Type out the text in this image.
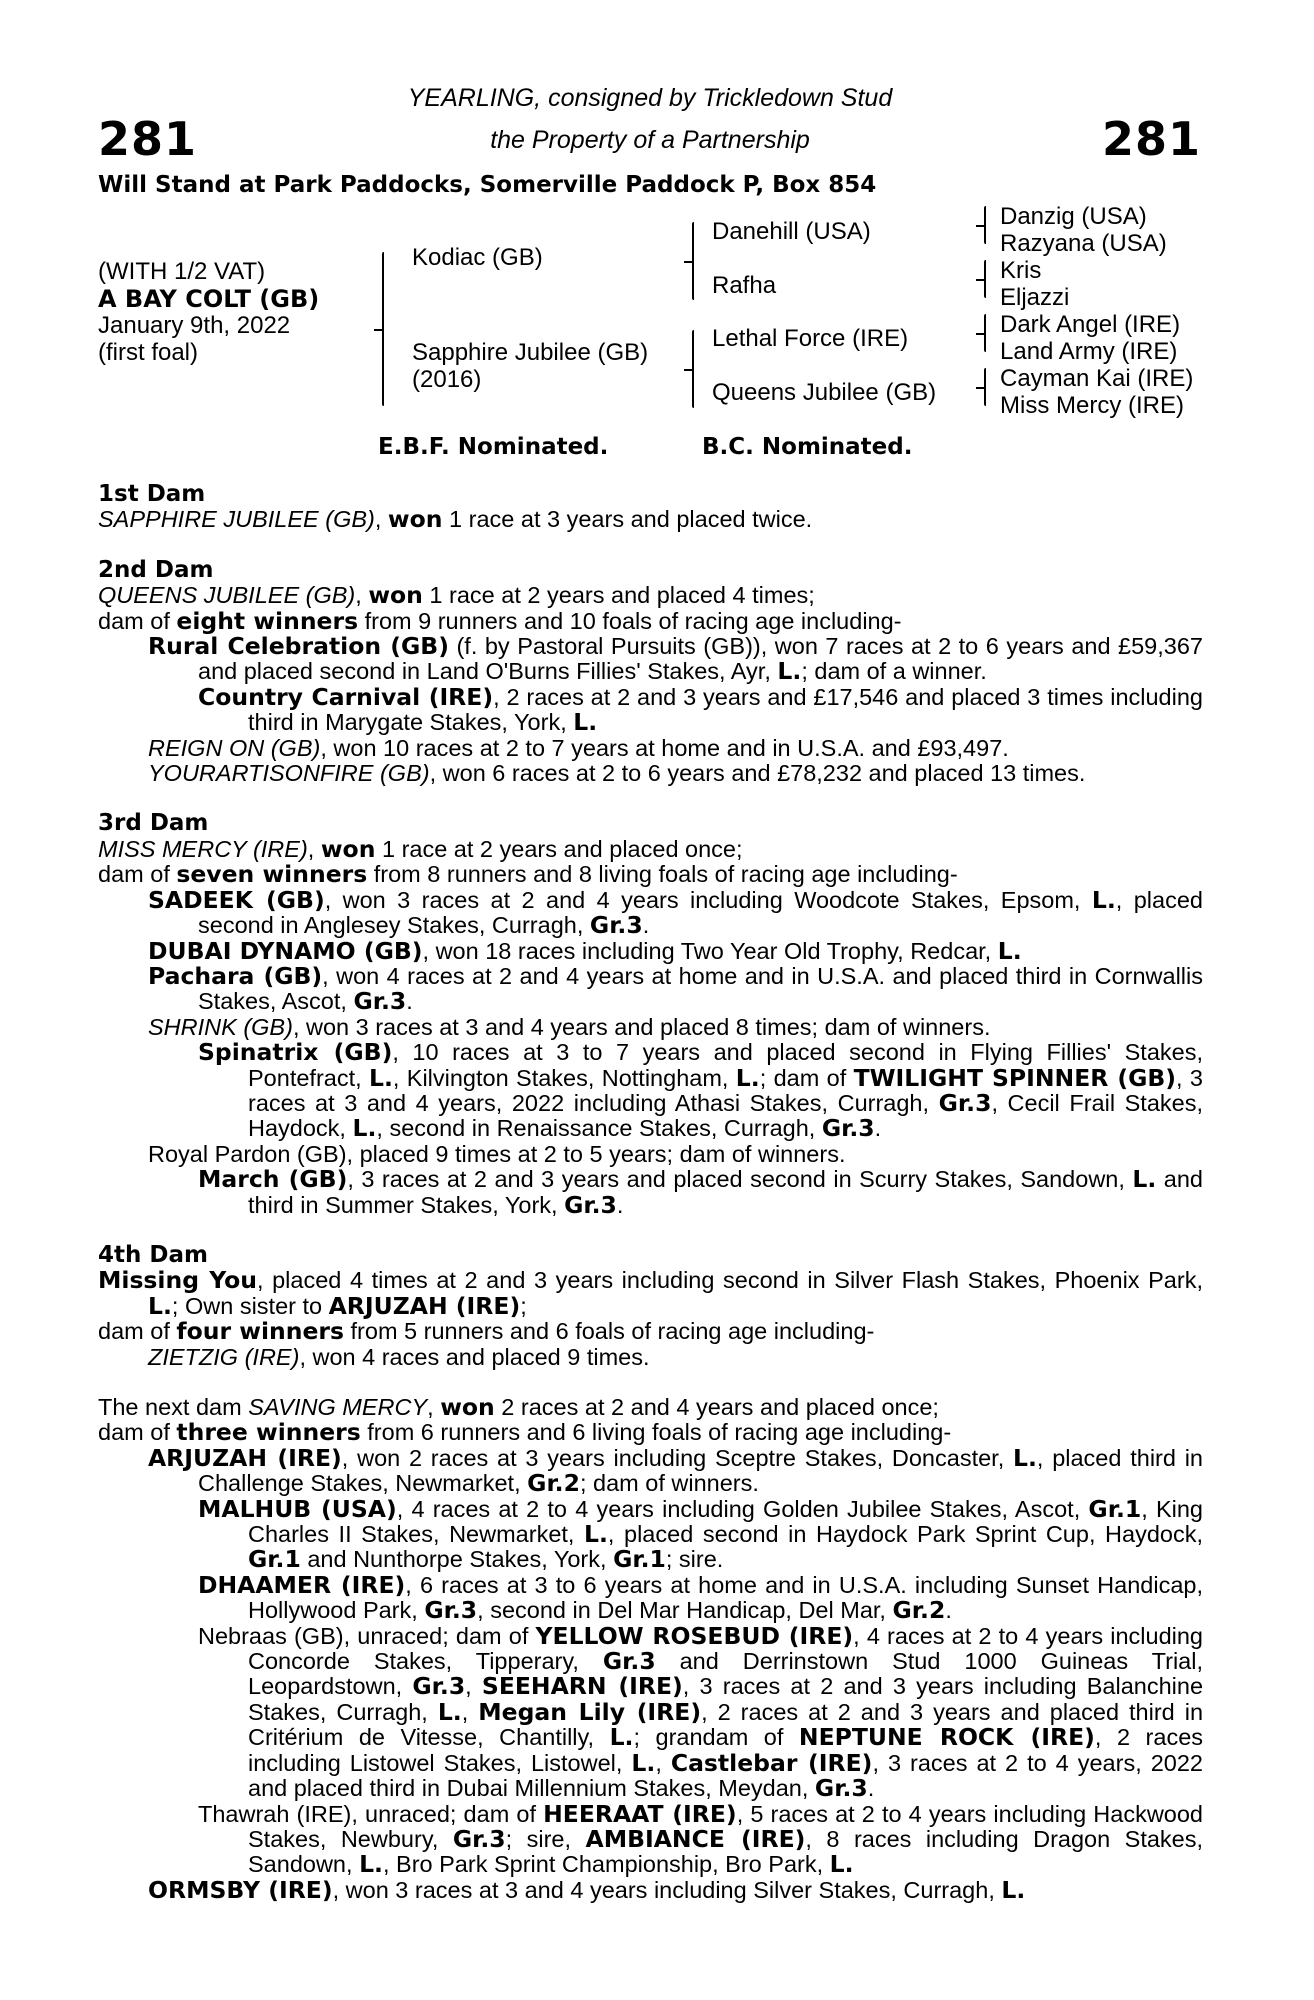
281	281
YEARLING, consigned by Trickledown Stud
the Property of a Partnership
Will Stand at Park Paddocks, Somerville Paddock P, Box 854
(WITH 1/2 VAT)
A BAY COLT (GB)
January 9th, 2022
(first foal)
Kodiac (GB)
Sapphire Jubilee (GB)
(2016)
Danehill (USA)
Rafha
Lethal Force (IRE)
Queens Jubilee (GB)
Danzig (USA)
Razyana (USA)
Kris
Eljazzi
Dark Angel (IRE)
Land Army (IRE)
Cayman Kai (IRE)
Miss Mercy (IRE)
E.B.F. Nominated.	B.C. Nominated.

1st Dam

SAPPHIRE JUBILEE (GB), won 1 race at 3 years and placed twice.

2nd Dam

QUEENS JUBILEE (GB), won 1 race at 2 years and placed 4 times;

dam of eight winners from 9 runners and 10 foals of racing age including-

Rural Celebration (GB) (f. by Pastoral Pursuits (GB)), won 7 races at 2 to 6 years and £59,367 and placed second in Land O'Burns Fillies' Stakes, Ayr, L.; dam of a winner.

Country Carnival (IRE), 2 races at 2 and 3 years and £17,546 and placed 3 times including third in Marygate Stakes, York, L.

REIGN ON (GB), won 10 races at 2 to 7 years at home and in U.S.A. and £93,497.

YOURARTISONFIRE (GB), won 6 races at 2 to 6 years and £78,232 and placed 13 times.

3rd Dam

MISS MERCY (IRE), won 1 race at 2 years and placed once;

dam of seven winners from 8 runners and 8 living foals of racing age including-

SADEEK (GB), won 3 races at 2 and 4 years including Woodcote Stakes, Epsom, L., placed second in Anglesey Stakes, Curragh, Gr.3.

DUBAI DYNAMO (GB), won 18 races including Two Year Old Trophy, Redcar, L.

Pachara (GB), won 4 races at 2 and 4 years at home and in U.S.A. and placed third in Cornwallis Stakes, Ascot, Gr.3.

SHRINK (GB), won 3 races at 3 and 4 years and placed 8 times; dam of winners.

Spinatrix (GB), 10 races at 3 to 7 years and placed second in Flying Fillies' Stakes, Pontefract, L., Kilvington Stakes, Nottingham, L.; dam of TWILIGHT SPINNER (GB), 3 races at 3 and 4 years, 2022 including Athasi Stakes, Curragh, Gr.3, Cecil Frail Stakes, Haydock, L., second in Renaissance Stakes, Curragh, Gr.3.

Royal Pardon (GB), placed 9 times at 2 to 5 years; dam of winners.

March (GB), 3 races at 2 and 3 years and placed second in Scurry Stakes, Sandown, L. and third in Summer Stakes, York, Gr.3.

4th Dam

Missing You, placed 4 times at 2 and 3 years including second in Silver Flash Stakes, Phoenix Park, L.; Own sister to ARJUZAH (IRE);

dam of four winners from 5 runners and 6 foals of racing age including-

ZIETZIG (IRE), won 4 races and placed 9 times.

The next dam SAVING MERCY, won 2 races at 2 and 4 years and placed once;

dam of three winners from 6 runners and 6 living foals of racing age including-

ARJUZAH (IRE), won 2 races at 3 years including Sceptre Stakes, Doncaster, L., placed third in Challenge Stakes, Newmarket, Gr.2; dam of winners.

MALHUB (USA), 4 races at 2 to 4 years including Golden Jubilee Stakes, Ascot, Gr.1, King Charles II Stakes, Newmarket, L., placed second in Haydock Park Sprint Cup, Haydock, Gr.1 and Nunthorpe Stakes, York, Gr.1; sire.

DHAAMER (IRE), 6 races at 3 to 6 years at home and in U.S.A. including Sunset Handicap, Hollywood Park, Gr.3, second in Del Mar Handicap, Del Mar, Gr.2.

Nebraas (GB), unraced; dam of YELLOW ROSEBUD (IRE), 4 races at 2 to 4 years including Concorde Stakes, Tipperary, Gr.3 and Derrinstown Stud 1000 Guineas Trial, Leopardstown, Gr.3, SEEHARN (IRE), 3 races at 2 and 3 years including Balanchine Stakes, Curragh, L., Megan Lily (IRE), 2 races at 2 and 3 years and placed third in Critérium de Vitesse, Chantilly, L.; grandam of NEPTUNE ROCK (IRE), 2 races including Listowel Stakes, Listowel, L., Castlebar (IRE), 3 races at 2 to 4 years, 2022 and placed third in Dubai Millennium Stakes, Meydan, Gr.3.

Thawrah (IRE), unraced; dam of HEERAAT (IRE), 5 races at 2 to 4 years including Hackwood Stakes, Newbury, Gr.3; sire, AMBIANCE (IRE), 8 races including Dragon Stakes, Sandown, L., Bro Park Sprint Championship, Bro Park, L.

ORMSBY (IRE), won 3 races at 3 and 4 years including Silver Stakes, Curragh, L.
